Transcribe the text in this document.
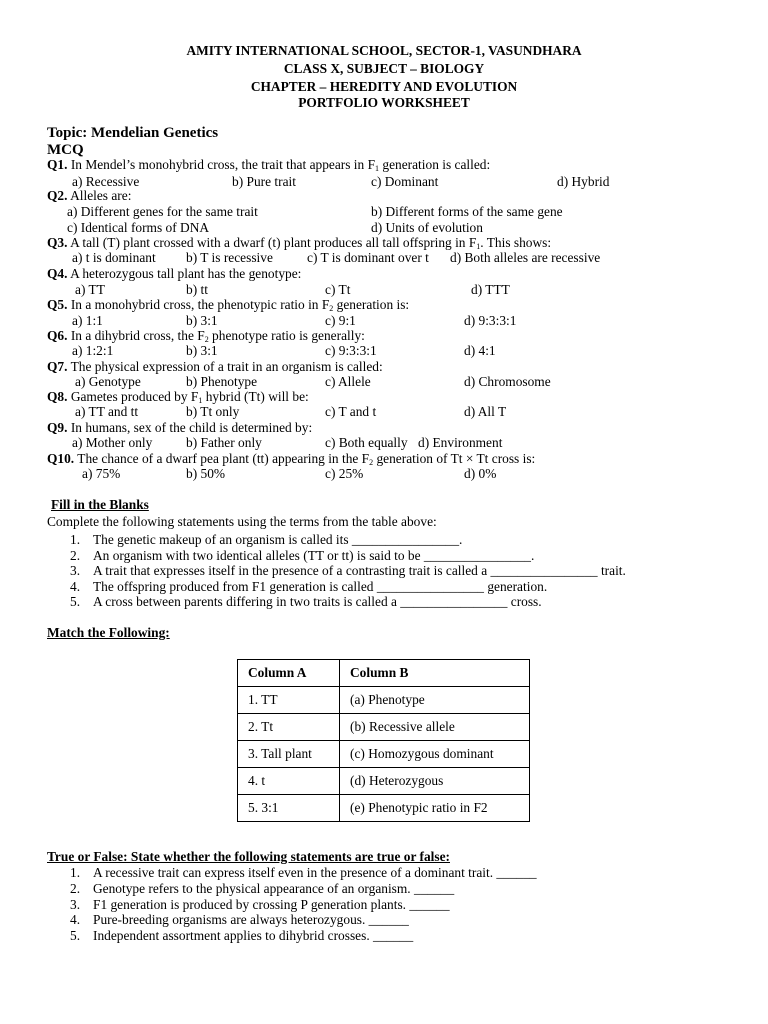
AMITY INTERNATIONAL SCHOOL, SECTOR-1, VASUNDHARA
CLASS X, SUBJECT – BIOLOGY
CHAPTER – HEREDITY AND EVOLUTION
PORTFOLIO WORKSHEET
Topic: Mendelian Genetics
MCQ
Q1. In Mendel’s monohybrid cross, the trait that appears in $F_1$ generation is called:
a) Recessive	b) Pure trait	c) Dominant	d) Hybrid
Q2. Alleles are:
a) Different genes for the same trait	b) Different forms of the same gene
c) Identical forms of DNA	d) Units of evolution
Q3. A tall (T) plant crossed with a dwarf (t) plant produces all tall offspring in $F_1$. This shows:
a) t is dominant b) T is recessive	c) T is dominant over t d) Both alleles are recessive
Q4. A heterozygous tall plant has the genotype:
a) TT	b) tt	c) Tt	d) TTT
Q5. In a monohybrid cross, the phenotypic ratio in $F_2$ generation is:
a) 1:1	b) 3:1	c) 9:1	d) 9:3:3:1
Q6. In a dihybrid cross, the $F_2$ phenotype ratio is generally:
a) 1:2:1	b) 3:1	c) 9:3:3:1	d) 4:1
Q7. The physical expression of a trait in an organism is called:
a) Genotype	b) Phenotype	c) Allele	d) Chromosome
Q8. Gametes produced by $F_1$ hybrid (Tt) will be:
a) TT and tt	b) Tt only	c) T and t	d) All T
Q9. In humans, sex of the child is determined by:
a) Mother only	b) Father only	c) Both equally d) Environment
Q10. The chance of a dwarf pea plant (tt) appearing in the $F_2$ generation of Tt × Tt cross is:
a) 75%	b) 50%	c) 25%	d) 0%
Fill in the Blanks
Complete the following statements using the terms from the table above:
1. The genetic makeup of an organism is called its ________________.
2. An organism with two identical alleles (TT or tt) is said to be ________________.
3. A trait that expresses itself in the presence of a contrasting trait is called a ________________ trait.
4. The offspring produced from F1 generation is called ________________ generation.
5. A cross between parents differing in two traits is called a ________________ cross.
Match the Following:
Column A	Column B
1. TT	(a) Phenotype
2. Tt	(b) Recessive allele
3. Tall plant	(c) Homozygous dominant
4. t	(d) Heterozygous
5. 3:1	(e) Phenotypic ratio in F2
True or False: State whether the following statements are true or false:
1. A recessive trait can express itself even in the presence of a dominant trait. ______
2. Genotype refers to the physical appearance of an organism. ______
3. F1 generation is produced by crossing P generation plants. ______
4. Pure-breeding organisms are always heterozygous. ______
5. Independent assortment applies to dihybrid crosses. ______
